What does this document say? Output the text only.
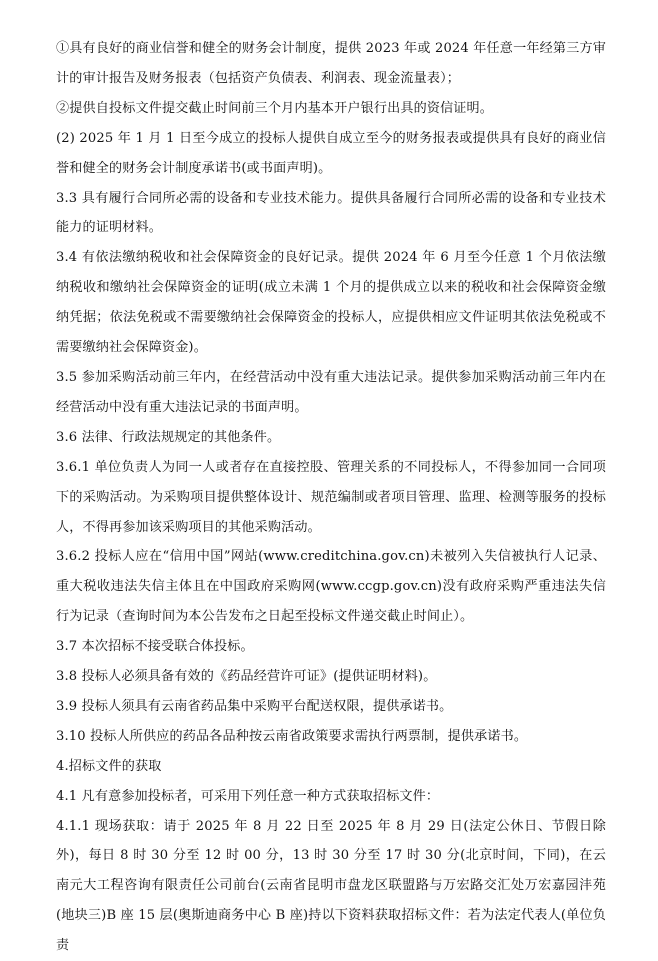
①具有良好的商业信誉和健全的财务会计制度，提供 2023 年或 2024 年任意一年经第三方审计的审计报告及财务报表（包括资产负债表、利润表、现金流量表）；

②提供自投标文件提交截止时间前三个月内基本开户银行出具的资信证明。

(2) 2025 年 1 月 1 日至今成立的投标人提供自成立至今的财务报表或提供具有良好的商业信誉和健全的财务会计制度承诺书(或书面声明)。

3.3 具有履行合同所必需的设备和专业技术能力。提供具备履行合同所必需的设备和专业技术能力的证明材料。

3.4 有依法缴纳税收和社会保障资金的良好记录。提供 2024 年 6 月至今任意 1 个月依法缴纳税收和缴纳社会保障资金的证明(成立未满 1 个月的提供成立以来的税收和社会保障资金缴纳凭据；依法免税或不需要缴纳社会保障资金的投标人，应提供相应文件证明其依法免税或不需要缴纳社会保障资金)。

3.5 参加采购活动前三年内，在经营活动中没有重大违法记录。提供参加采购活动前三年内在经营活动中没有重大违法记录的书面声明。

3.6 法律、行政法规规定的其他条件。

3.6.1 单位负责人为同一人或者存在直接控股、管理关系的不同投标人，不得参加同一合同项下的采购活动。为采购项目提供整体设计、规范编制或者项目管理、监理、检测等服务的投标人，不得再参加该采购项目的其他采购活动。

3.6.2 投标人应在“信用中国”网站(www.creditchina.gov.cn)未被列入失信被执行人记录、重大税收违法失信主体且在中国政府采购网(www.ccgp.gov.cn)没有政府采购严重违法失信行为记录（查询时间为本公告发布之日起至投标文件递交截止时间止）。

3.7 本次招标不接受联合体投标。

3.8 投标人必须具备有效的《药品经营许可证》(提供证明材料)。

3.9 投标人须具有云南省药品集中采购平台配送权限，提供承诺书。

3.10 投标人所供应的药品各品种按云南省政策要求需执行两票制，提供承诺书。

4.招标文件的获取

4.1 凡有意参加投标者，可采用下列任意一种方式获取招标文件：

4.1.1 现场获取：请于 2025 年 8 月 22 日至 2025 年 8 月 29 日(法定公休日、节假日除外)，每日 8 时 30 分至 12 时 00 分，13 时 30 分至 17 时 30 分(北京时间，下同)，在云南元大工程咨询有限责任公司前台(云南省昆明市盘龙区联盟路与万宏路交汇处万宏嘉园沣苑(地块三)B 座 15 层(奥斯迪商务中心 B 座)持以下资料获取招标文件：若为法定代表人(单位负责
